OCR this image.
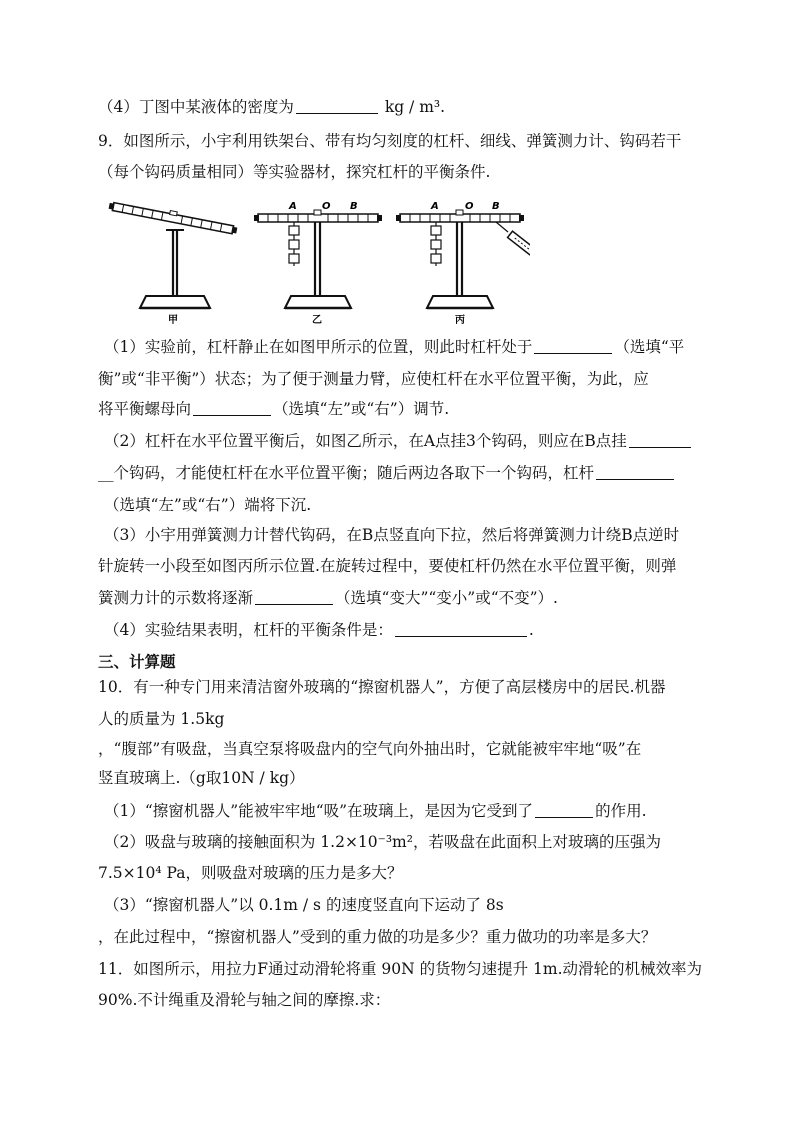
（4）丁图中某液体的密度为	kg / m³.
9．如图所示，小宇利用铁架台、带有均匀刻度的杠杆、细线、弹簧测力计、钩码若干
（每个钩码质量相同）等实验器材，探究杠杆的平衡条件.
甲
A	O B
乙
A	O B
丙
（1）实验前，杠杆静止在如图甲所示的位置，则此时杠杆处于	（选填“平
衡”或“非平衡”）状态；为了便于测量力臂，应使杠杆在水平位置平衡，为此，应
将平衡螺母向	（选填“左”或“右”）调节.
（2）杠杆在水平位置平衡后，如图乙所示，在A点挂3个钩码，则应在B点挂
__个钩码，才能使杠杆在水平位置平衡；随后两边各取下一个钩码，杠杆
（选填“左”或“右”）端将下沉.
（3）小宇用弹簧测力计替代钩码，在B点竖直向下拉，然后将弹簧测力计绕B点逆时
针旋转一小段至如图丙所示位置.在旋转过程中，要使杠杆仍然在水平位置平衡，则弹
簧测力计的示数将逐渐	（选填“变大”“变小”或“不变”）.
（4）实验结果表明，杠杆的平衡条件是：	.
三、计算题
10．有一种专门用来清洁窗外玻璃的“擦窗机器人”，方便了高层楼房中的居民.机器
人的质量为 1.5kg
，“腹部”有吸盘，当真空泵将吸盘内的空气向外抽出时，它就能被牢牢地“吸”在
竖直玻璃上.（g取10N / kg）
（1）“擦窗机器人”能被牢牢地“吸”在玻璃上，是因为它受到了	的作用.
（2）吸盘与玻璃的接触面积为 1.2×10⁻³m²，若吸盘在此面积上对玻璃的压强为
7.5×10⁴ Pa，则吸盘对玻璃的压力是多大？
（3）“擦窗机器人”以 0.1m / s 的速度竖直向下运动了 8s
，在此过程中，“擦窗机器人”受到的重力做的功是多少？重力做功的功率是多大？
11．如图所示，用拉力F通过动滑轮将重 90N 的货物匀速提升 1m.动滑轮的机械效率为
90%.不计绳重及滑轮与轴之间的摩擦.求：
